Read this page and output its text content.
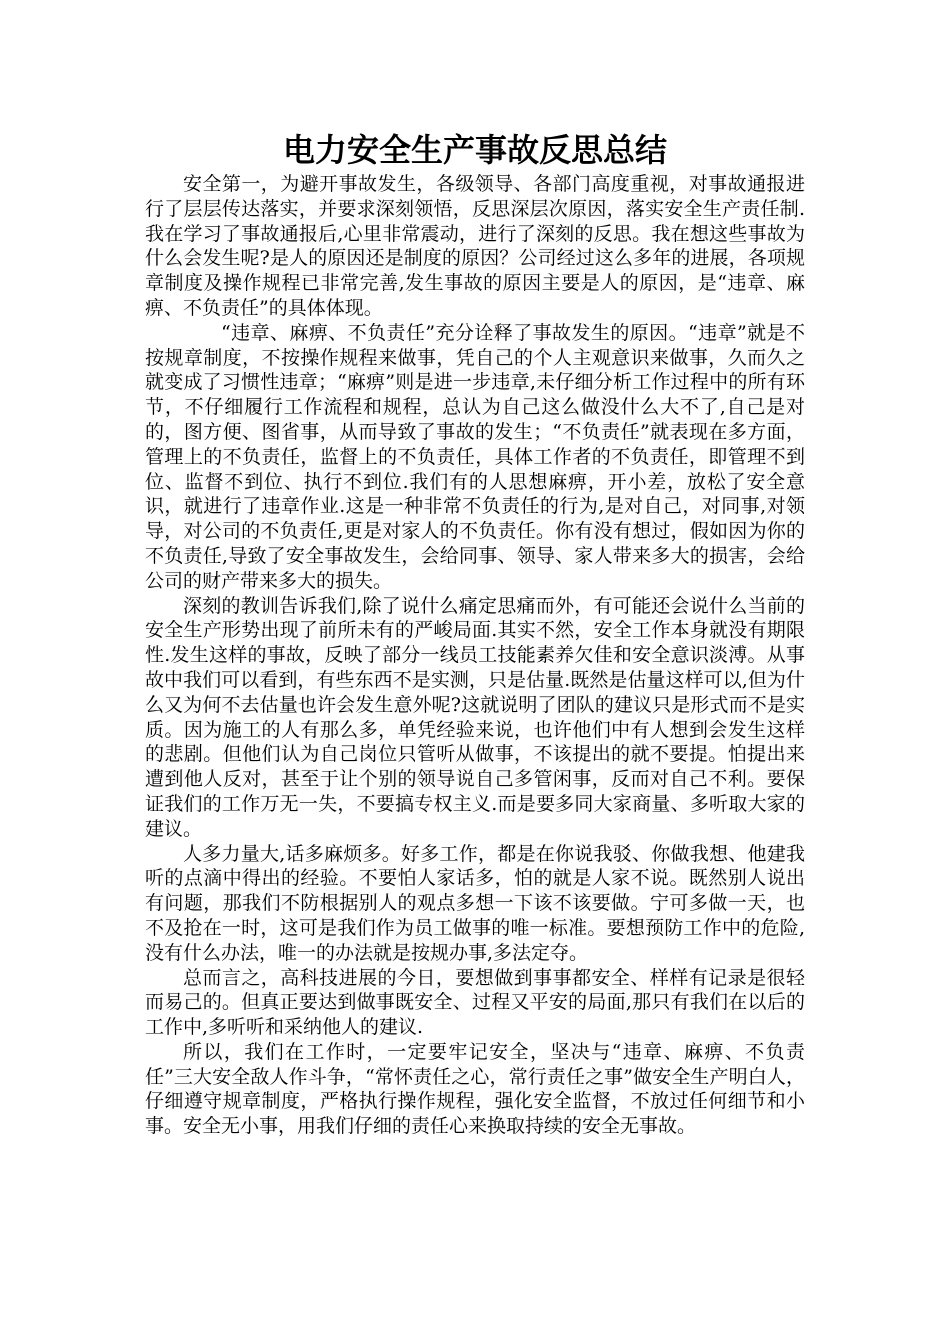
电力安全生产事故反思总结

安全第一，为避开事故发生，各级领导、各部门高度重视，对事故通报进行了层层传达落实，并要求深刻领悟，反思深层次原因，落实安全生产责任制.我在学习了事故通报后,心里非常震动，进行了深刻的反思。我在想这些事故为什么会发生呢?是人的原因还是制度的原因？公司经过这么多年的进展，各项规章制度及操作规程已非常完善,发生事故的原因主要是人的原因，是“违章、麻痹、不负责任”的具体体现。

“违章、麻痹、不负责任”充分诠释了事故发生的原因。“违章”就是不按规章制度，不按操作规程来做事，凭自己的个人主观意识来做事，久而久之就变成了习惯性违章；“麻痹”则是进一步违章,未仔细分析工作过程中的所有环节，不仔细履行工作流程和规程，总认为自己这么做没什么大不了,自己是对的，图方便、图省事，从而导致了事故的发生；“不负责任”就表现在多方面，管理上的不负责任，监督上的不负责任，具体工作者的不负责任，即管理不到位、监督不到位、执行不到位.我们有的人思想麻痹，开小差，放松了安全意识，就进行了违章作业.这是一种非常不负责任的行为,是对自己，对同事,对领导，对公司的不负责任,更是对家人的不负责任。你有没有想过，假如因为你的不负责任,导致了安全事故发生，会给同事、领导、家人带来多大的损害，会给公司的财产带来多大的损失。

深刻的教训告诉我们,除了说什么痛定思痛而外，有可能还会说什么当前的安全生产形势出现了前所未有的严峻局面.其实不然，安全工作本身就没有期限性.发生这样的事故，反映了部分一线员工技能素养欠佳和安全意识淡溥。从事故中我们可以看到，有些东西不是实测，只是估量.既然是估量这样可以,但为什么又为何不去估量也许会发生意外呢?这就说明了团队的建议只是形式而不是实质。因为施工的人有那么多，单凭经验来说，也许他们中有人想到会发生这样的悲剧。但他们认为自己岗位只管听从做事，不该提出的就不要提。怕提出来遭到他人反对，甚至于让个别的领导说自己多管闲事，反而对自己不利。要保证我们的工作万无一失，不要搞专权主义.而是要多同大家商量、多听取大家的建议。

人多力量大,话多麻烦多。好多工作，都是在你说我驳、你做我想、他建我听的点滴中得出的经验。不要怕人家话多，怕的就是人家不说。既然别人说出有问题，那我们不防根据别人的观点多想一下该不该要做。宁可多做一天，也不及抢在一时，这可是我们作为员工做事的唯一标准。要想预防工作中的危险,没有什么办法，唯一的办法就是按规办事,多法定夺。

总而言之，高科技进展的今日，要想做到事事都安全、样样有记录是很轻而易己的。但真正要达到做事既安全、过程又平安的局面,那只有我们在以后的工作中,多听听和采纳他人的建议.

所以，我们在工作时，一定要牢记安全，坚决与“违章、麻痹、不负责任”三大安全敌人作斗争，“常怀责任之心，常行责任之事”做安全生产明白人，仔细遵守规章制度，严格执行操作规程，强化安全监督，不放过任何细节和小事。安全无小事，用我们仔细的责任心来换取持续的安全无事故。
